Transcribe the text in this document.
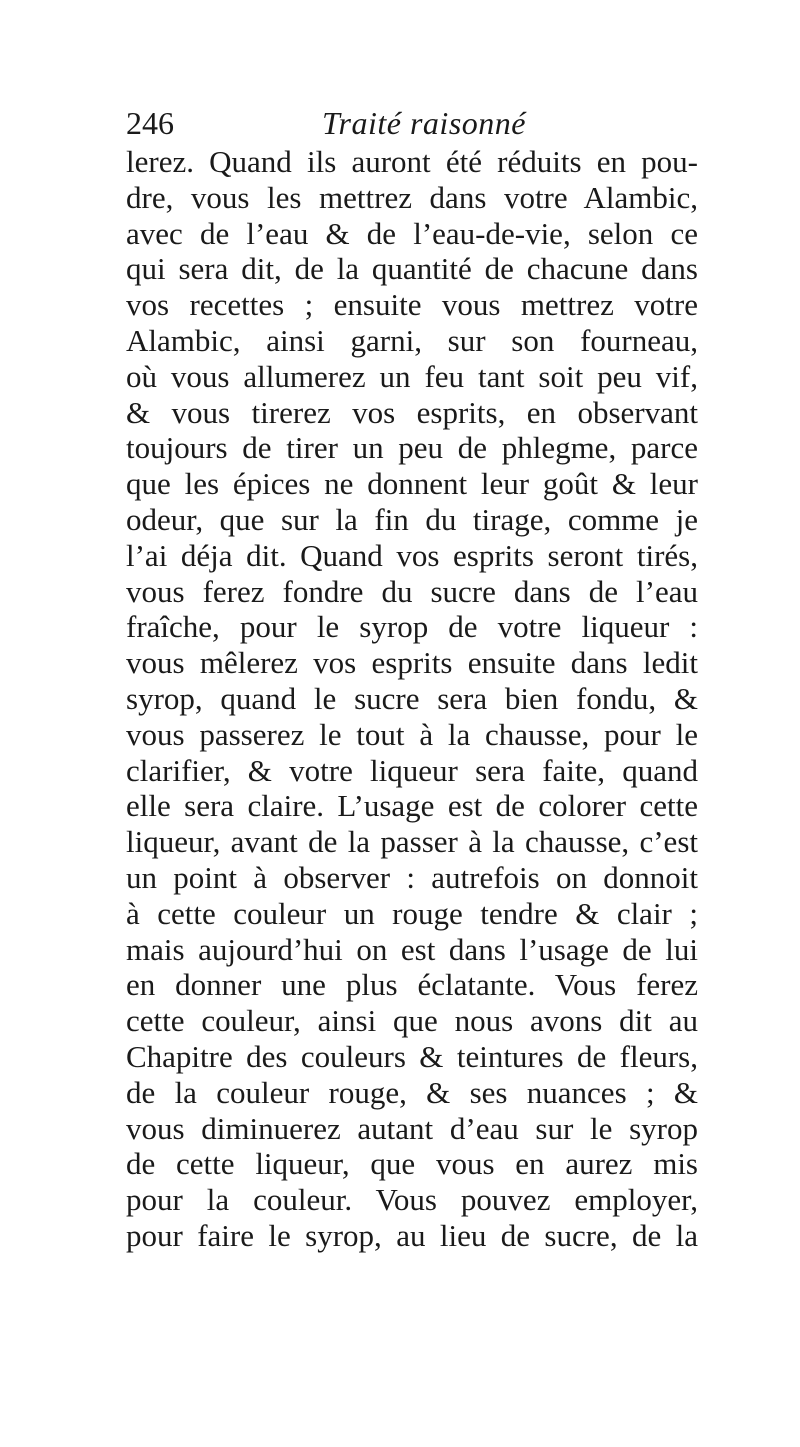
246	Traité raisonné
lerez. Quand ils auront été réduits en pou-
dre, vous les mettrez dans votre Alambic,
avec de l’eau & de l’eau-de-vie, selon ce
qui sera dit, de la quantité de chacune dans
vos recettes ; ensuite vous mettrez votre
Alambic, ainsi garni, sur son fourneau,
où vous allumerez un feu tant soit peu vif,
& vous tirerez vos esprits, en observant
toujours de tirer un peu de phlegme, parce
que les épices ne donnent leur goût & leur
odeur, que sur la fin du tirage, comme je
l’ai déja dit. Quand vos esprits seront tirés,
vous ferez fondre du sucre dans de l’eau
fraîche, pour le syrop de votre liqueur :
vous mêlerez vos esprits ensuite dans ledit
syrop, quand le sucre sera bien fondu, &
vous passerez le tout à la chausse, pour le
clarifier, & votre liqueur sera faite, quand
elle sera claire. L’usage est de colorer cette
liqueur, avant de la passer à la chausse, c’est
un point à observer : autrefois on donnoit
à cette couleur un rouge tendre & clair ;
mais aujourd’hui on est dans l’usage de lui
en donner une plus éclatante. Vous ferez
cette couleur, ainsi que nous avons dit au
Chapitre des couleurs & teintures de fleurs,
de la couleur rouge, & ses nuances ; &
vous diminuerez autant d’eau sur le syrop
de cette liqueur, que vous en aurez mis
pour la couleur. Vous pouvez employer,
pour faire le syrop, au lieu de sucre, de la
